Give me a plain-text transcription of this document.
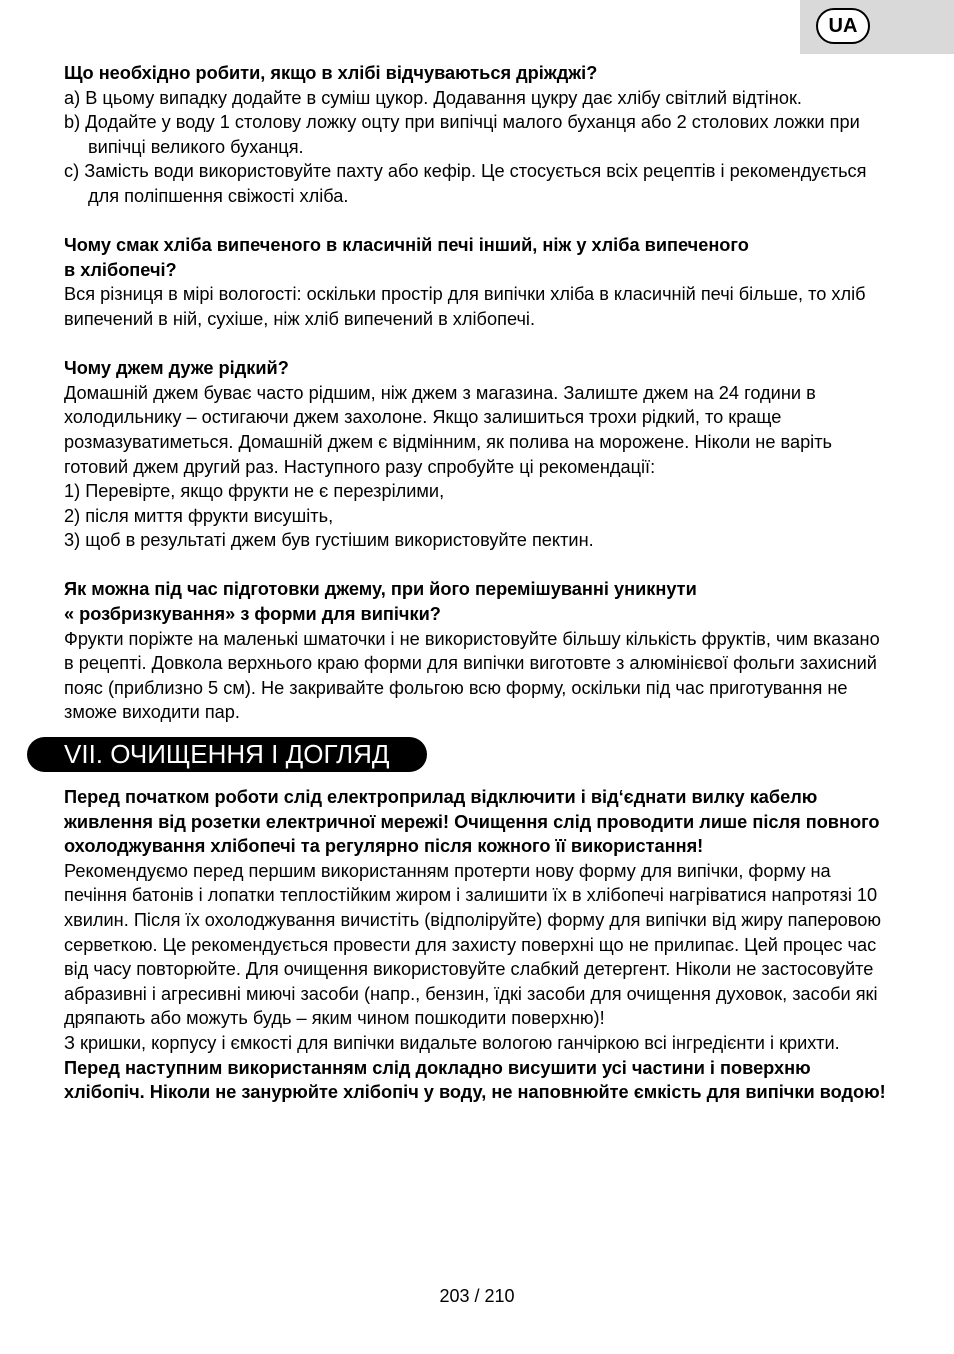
UA

Що необхідно робити, якщо в хлібі відчуваються дріжджі?

a) В цьому випадку додайте в суміш цукор. Додавання цукру дає хлібу світлий відтінок.

b) Додайте у воду 1 столову ложку оцту при випічці малого буханця або 2 столових ложки при випічці великого буханця.

c) Замість води використовуйте пахту або кефір. Це стосується всіх рецептів і рекомендується для поліпшення свіжості хліба.

Чому смак хліба випеченого в класичній печі інший, ніж у хліба випеченого

в хлібопечі?

Вся різниця в мірі вологості: оскільки простір для випічки хліба в класичній печі більше, то хліб випечений в ній, сухіше, ніж хліб випечений в хлібопечі.

Чому джем дуже рідкий?

Домашній джем буває часто рідшим, ніж джем з магазина. Залиште джем на 24 години в холодильнику – остигаючи джем захолоне. Якщо залишиться трохи рідкий, то краще розмазуватиметься. Домашній джем є відмінним, як полива на морожене. Ніколи не варіть готовий джем другий раз. Наступного разу спробуйте ці рекомендації:

1) Перевірте, якщо фрукти не є перезрілими,

2) після миття фрукти висушіть,

3) щоб в результаті джем був густішим використовуйте пектин.

Як можна під час підготовки джему, при його перемішуванні уникнути

« розбризкування» з форми для випічки?

Фрукти поріжте на маленькі шматочки і не використовуйте більшу кількість фруктів, чим вказано в рецепті. Довкола верхнього краю форми для випічки виготовте з алюмінієвої фольги захисний пояс (приблизно 5 см). Не закривайте фольгою всю форму, оскільки під час приготування не зможе виходити пар.

VII. ОЧИЩЕННЯ І ДОГЛЯД

Перед початком роботи слід електроприлад відключити і від‘єднати вилку кабелю живлення від розетки електричної мережі! Очищення слід проводити лише після повного охолоджування хлібопечі та регулярно після кожного її використання!

Рекомендуємо перед першим використанням протерти нову форму для випічки, форму на печіння батонів і лопатки теплостійким жиром і залишити їх в хлібопечі нагріватися напротязі 10 хвилин. Після їх охолоджування вичистіть (відполіруйте) форму для випічки від жиру паперовою серветкою. Це рекомендується провести для захисту поверхні що не прилипає. Цей процес час від часу повторюйте. Для очищення використовуйте слабкий детергент. Ніколи не застосовуйте абразивні і агресивні миючі засоби (напр., бензин, їдкі засоби для очищення духовок, засоби які дряпають або можуть будь – яким чином пошкодити поверхню)!

З кришки, корпусу і ємкості для випічки видальте вологою ганчіркою всі інгредієнти і крихти. Перед наступним використанням слід докладно висушити усі частини і поверхню хлібопіч. Ніколи не занурюйте хлібопіч у воду, не наповнюйте ємкість для випічки водою!

203 / 210
